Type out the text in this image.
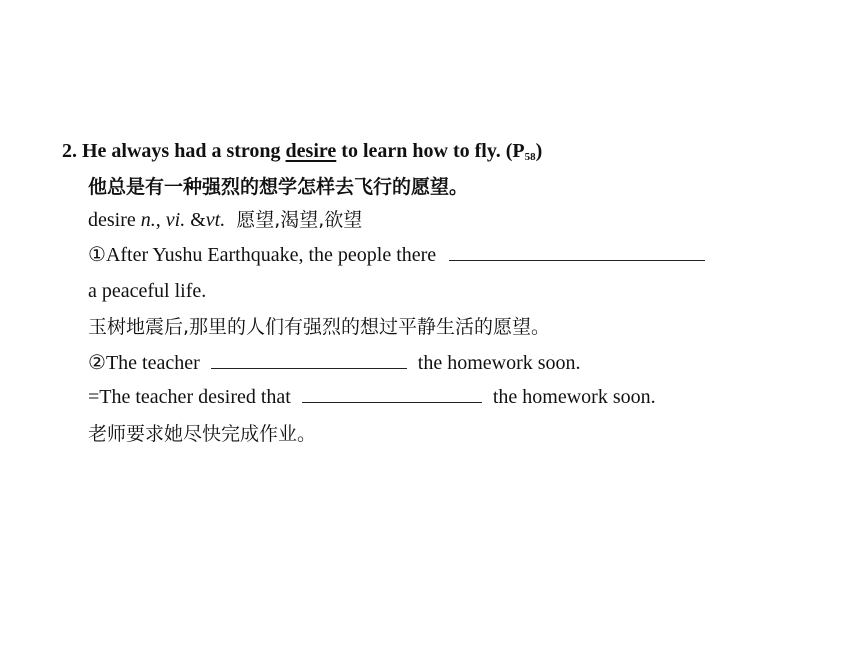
2. He always had a strong desire to learn how to fly. $(P_{58})$
他总是有一种强烈的想学怎样去飞行的愿望。
desire n., vi. &vt. 愿望,渴望,欲望
①After Yushu Earthquake, the people there
a peaceful life.
玉树地震后,那里的人们有强烈的想过平静生活的愿望。
②The teacher	the homework soon.
=The teacher desired that	the homework soon.
老师要求她尽快完成作业。
